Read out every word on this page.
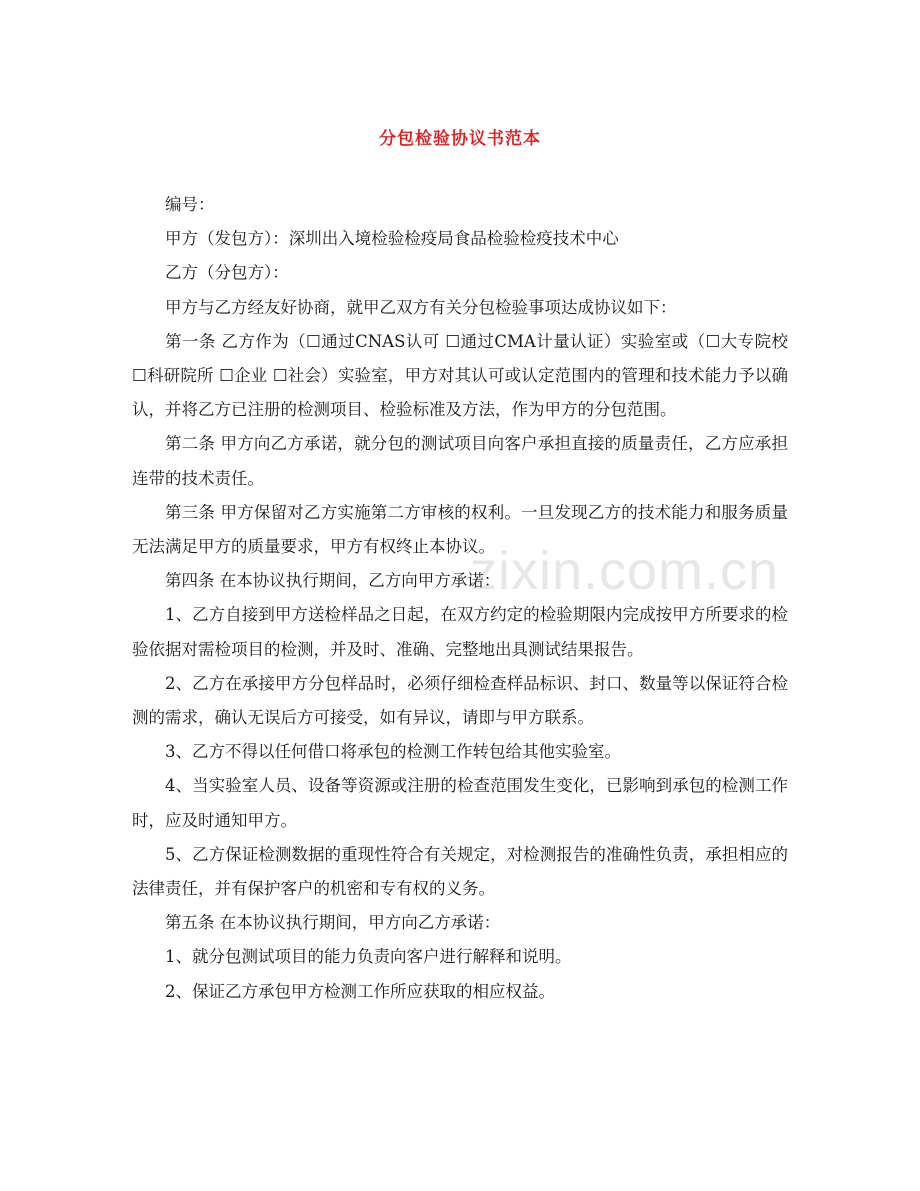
分包检验协议书范本
zixin.com.cn

编号：

甲方（发包方）：深圳出入境检验检疫局食品检验检疫技术中心

乙方（分包方）：

甲方与乙方经友好协商，就甲乙双方有关分包检验事项达成协议如下：

第一条 乙方作为（☐通过CNAS认可 ☐通过CMA计量认证）实验室或（☐大专院校 ☐科研院所 ☐企业 ☐社会）实验室，甲方对其认可或认定范围内的管理和技术能力予以确认，并将乙方已注册的检测项目、检验标准及方法，作为甲方的分包范围。

第二条 甲方向乙方承诺，就分包的测试项目向客户承担直接的质量责任，乙方应承担连带的技术责任。

第三条 甲方保留对乙方实施第二方审核的权利。一旦发现乙方的技术能力和服务质量无法满足甲方的质量要求，甲方有权终止本协议。

第四条 在本协议执行期间，乙方向甲方承诺：

1、乙方自接到甲方送检样品之日起，在双方约定的检验期限内完成按甲方所要求的检验依据对需检项目的检测，并及时、准确、完整地出具测试结果报告。

2、乙方在承接甲方分包样品时，必须仔细检查样品标识、封口、数量等以保证符合检测的需求，确认无误后方可接受，如有异议，请即与甲方联系。

3、乙方不得以任何借口将承包的检测工作转包给其他实验室。

4、当实验室人员、设备等资源或注册的检查范围发生变化，已影响到承包的检测工作时，应及时通知甲方。

5、乙方保证检测数据的重现性符合有关规定，对检测报告的准确性负责，承担相应的法律责任，并有保护客户的机密和专有权的义务。

第五条 在本协议执行期间，甲方向乙方承诺：

1、就分包测试项目的能力负责向客户进行解释和说明。

2、保证乙方承包甲方检测工作所应获取的相应权益。
